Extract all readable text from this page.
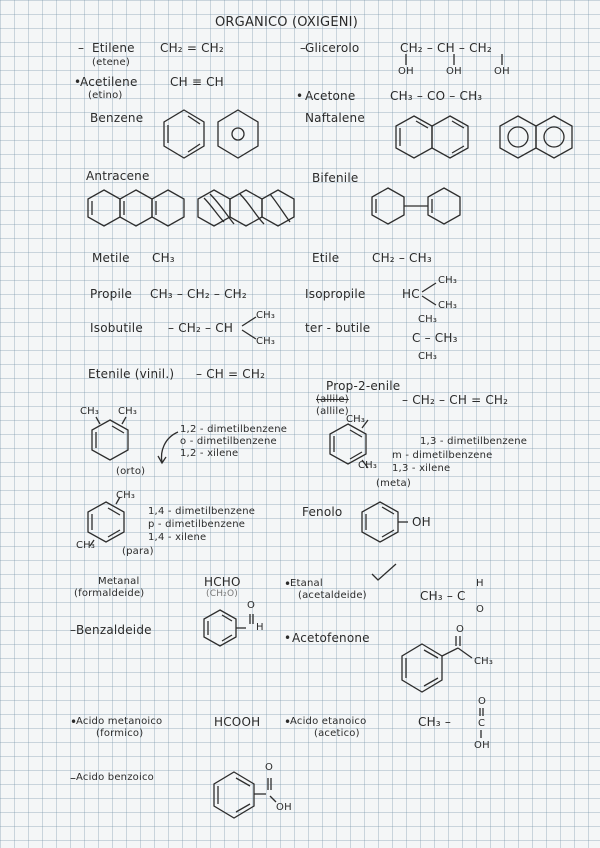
ORGANICO (OXIGENI)
– Etilene CH₂ = CH₂
(etene)
Glicerolo	CH₂ – CH – CH₂
OH	OH	OH
Acetilene	CH ≡ CH
(etino)	Acetone	CH₃ – CO – CH₃
Benzene	Naftalene
Antracene	Bifenile
Metile CH₃	Etile	CH₂ – CH₃
Propile CH₃ – CH₂ – CH₂	Isopropile	HC
CH₃
CH₃
Isobutile – CH₂ – CH
CH₃
CH₃
ter - butile
CH₃
C – CH₃
CH₃
Etenile (vinil.) – CH = CH₂
Prop-2-enile
(allile)
(allile)
– CH₂ – CH = CH₂
CH₃ CH₃
1,2 - dimetilbenzene
o - dimetilbenzene
1,2 - xilene
(orto)
CH₃
CH₃
1,3 - dimetilbenzene
m - dimetilbenzene
1,3 - xilene
(meta)
CH₃
CH₃
1,4 - dimetilbenzene
p - dimetilbenzene
1,4 - xilene
(para)
Fenolo
OH
Metanal
(formaldeide)
HCHO
(CH₂O)
Etanal
(acetaldeide)	CH₃ – C
H
O
Benzaldeide
O
H
Acetofenone
O
CH₃
Acido metanoico
(formico)
HCOOH	Acido etanoico
(acetico)
CH₃ –
O
C
OH
Acido benzoico
O
OH
–
•
•
•
–
•
•	•
–
